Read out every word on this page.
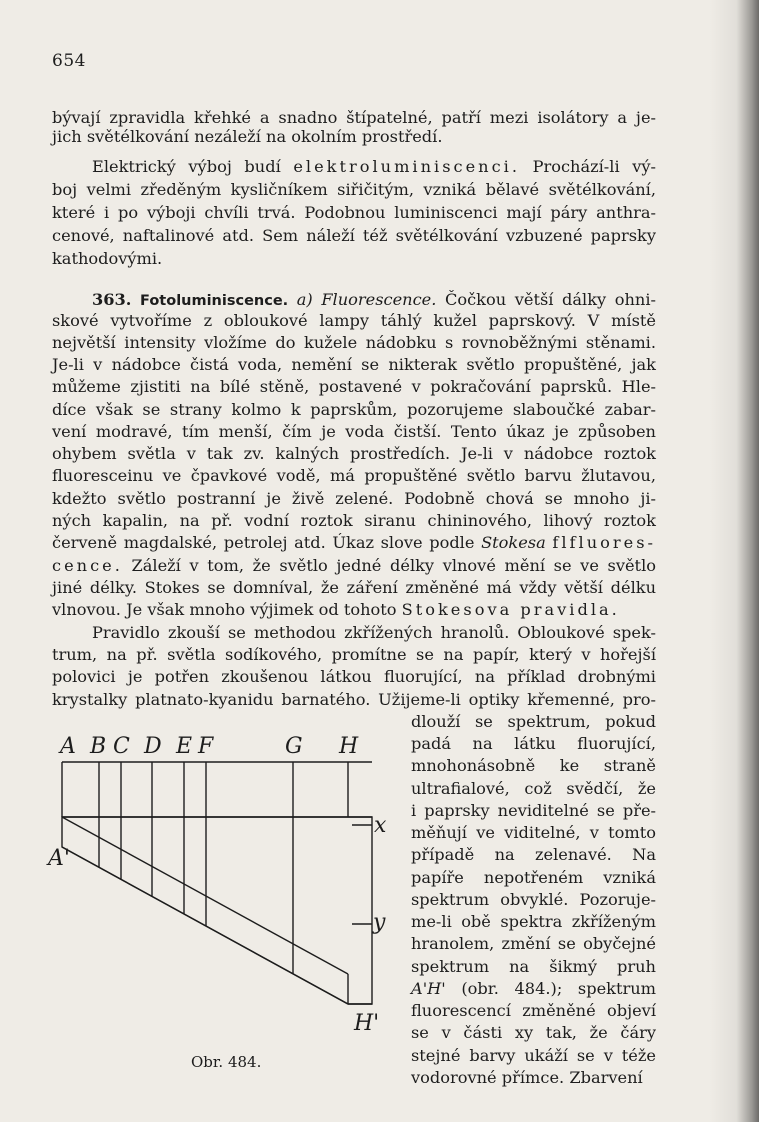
654
bývají zpravidla křehké a snadno štípatelné, patří mezi isolátory a je-
jich světélkování nezáleží na okolním prostředí.
Elektrický výboj budí elektroluminiscenci. Prochází-li vý-
boj velmi zředěným kysličníkem siřičitým, vzniká bělavé světélkování,
které i po výboji chvíli trvá. Podobnou luminiscenci mají páry anthra-
cenové, naftalinové atd. Sem náleží též světélkování vzbuzené paprsky
kathodovými.
363. Fotoluminiscence. a) Fluorescence. Čočkou větší dálky ohni-
skové vytvoříme z obloukové lampy táhlý kužel paprskový. V místě
největší intensity vložíme do kužele nádobku s rovnoběžnými stěnami.
Je-li v nádobce čistá voda, nemění se nikterak světlo propuštěné, jak
můžeme zjistiti na bílé stěně, postavené v pokračování paprsků. Hle-
díce však se strany kolmo k paprskům, pozorujeme slaboučké zabar-
vení modravé, tím menší, čím je voda čistší. Tento úkaz je způsoben
ohybem světla v tak zv. kalných prostředích. Je-li v nádobce roztok
fluoresceinu ve čpavkové vodě, má propuštěné světlo barvu žlutavou,
kdežto světlo postranní je živě zelené. Podobně chová se mnoho ji-
ných kapalin, na př. vodní roztok siranu chininového, lihový roztok
červeně magdalské, petrolej atd. Úkaz slove podle Stokesa flfluores-
cence. Záleží v tom, že světlo jedné délky vlnové mění se ve světlo
jiné délky. Stokes se domníval, že záření změněné má vždy větší délku
vlnovou. Je však mnoho výjimek od tohoto Stokesova pravidla.
Pravidlo zkouší se methodou zkřížených hranolů. Obloukové spek-
trum, na př. světla sodíkového, promítne se na papír, který v hořejší
polovici je potřen zkoušenou látkou fluorující, na příklad drobnými
krystalky platnato-kyanidu barnatého. Užijeme-li optiky křemenné, pro-
dlouží se spektrum, pokud
padá na látku fluorující,
mnohonásobně ke straně
ultrafialové, což svědčí, že
i paprsky neviditelné se pře-
měňují ve viditelné, v tomto
případě na zelenavé. Na
papíře nepotřeném vzniká
spektrum obvyklé. Pozoruje-
me-li obě spektra zkříženým
hranolem, změní se obyčejné
spektrum na šikmý pruh
A'H' (obr. 484.); spektrum
fluorescencí změněné objeví
se v části xy tak, že čáry
stejné barvy ukáží se v téže
vodorovné přímce. Zbarvení
A B C D E F	G H
A'
x
y
H'
Obr. 484.
